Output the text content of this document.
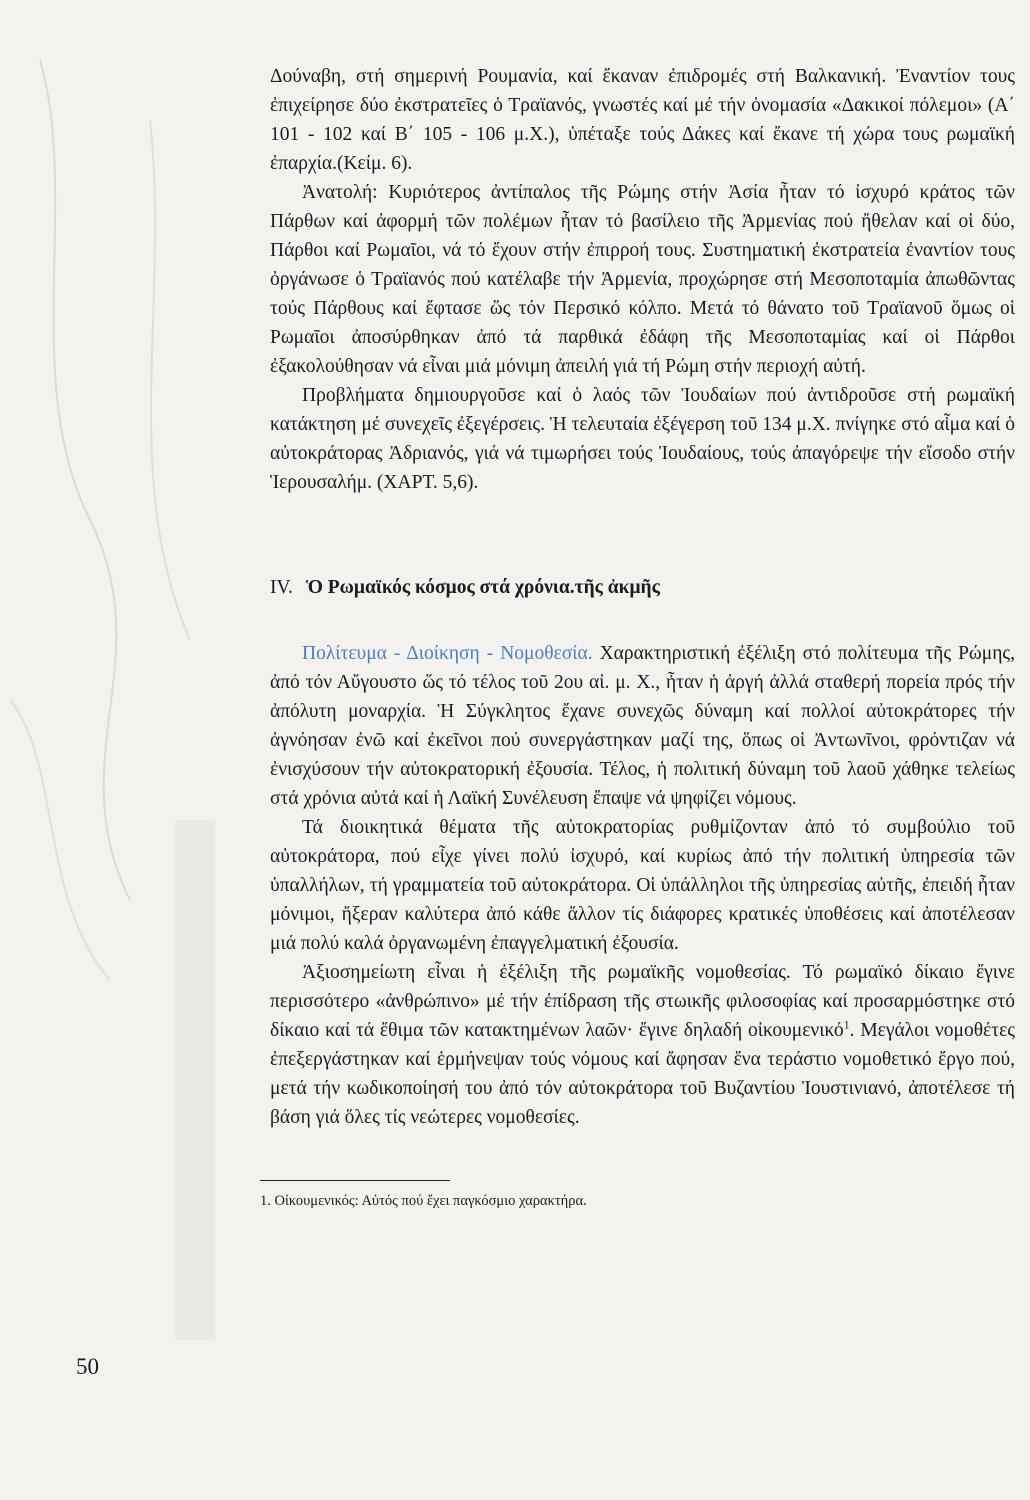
Δούναβη, στή σημερινή Ρουμανία, καί ἔκαναν ἐπιδρομές στή Βαλκανική. Ἐναντίον τους ἐπιχείρησε δύο ἐκστρατεῖες ὁ Τραϊανός, γνωστές καί μέ τήν ὀνομασία «Δακικοί πόλεμοι» (Α΄ 101 - 102 καί Β΄ 105 - 106 μ.Χ.), ὑπέταξε τούς Δάκες καί ἔκανε τή χώρα τους ρωμαϊκή ἐπαρχία.(Κείμ. 6).

Ἀνατολή: Κυριότερος ἀντίπαλος τῆς Ρώμης στήν Ἀσία ἦταν τό ἰσχυρό κράτος τῶν Πάρθων καί ἀφορμή τῶν πολέμων ἦταν τό βασίλειο τῆς Ἀρμενίας πού ἤθελαν καί οἱ δύο, Πάρθοι καί Ρωμαῖοι, νά τό ἔχουν στήν ἐπιρροή τους. Συστηματική ἐκστρατεία ἐναντίον τους ὀργάνωσε ὁ Τραϊανός πού κατέλαβε τήν Ἀρμενία, προχώρησε στή Μεσοποταμία ἀπωθῶντας τούς Πάρθους καί ἔφτασε ὥς τόν Περσικό κόλπο. Μετά τό θάνατο τοῦ Τραϊανοῦ ὅμως οἱ Ρωμαῖοι ἀποσύρθηκαν ἀπό τά παρθικά ἐδάφη τῆς Μεσοποταμίας καί οἱ Πάρθοι ἐξακολούθησαν νά εἶναι μιά μόνιμη ἀπειλή γιά τή Ρώμη στήν περιοχή αὐτή.

Προβλήματα δημιουργοῦσε καί ὁ λαός τῶν Ἰουδαίων πού ἀντιδροῦσε στή ρωμαϊκή κατάκτηση μέ συνεχεῖς ἐξεγέρσεις. Ἡ τελευταία ἐξέγερση τοῦ 134 μ.Χ. πνίγηκε στό αἷμα καί ὁ αὐτοκράτορας Ἀδριανός, γιά νά τιμωρήσει τούς Ἰουδαίους, τούς ἀπαγόρεψε τήν εἴσοδο στήν Ἱερουσαλήμ. (ΧΑΡΤ. 5,6).

IV. Ὁ Ρωμαϊκός κόσμος στά χρόνια.τῆς ἀκμῆς

Πολίτευμα - Διοίκηση - Νομοθεσία. Χαρακτηριστική ἐξέλιξη στό πολίτευμα τῆς Ρώμης, ἀπό τόν Αὔγουστο ὥς τό τέλος τοῦ 2ου αἰ. μ. Χ., ἦταν ἡ ἀργή ἀλλά σταθερή πορεία πρός τήν ἀπόλυτη μοναρχία. Ἡ Σύγκλητος ἔχανε συνεχῶς δύναμη καί πολλοί αὐτοκράτορες τήν ἀγνόησαν ἐνῶ καί ἐκεῖνοι πού συνεργάστηκαν μαζί της, ὅπως οἱ Ἀντωνῖνοι, φρόντιζαν νά ἐνισχύσουν τήν αὐτοκρατορική ἐξουσία. Τέλος, ἡ πολιτική δύναμη τοῦ λαοῦ χάθηκε τελείως στά χρόνια αὐτά καί ἡ Λαϊκή Συνέλευση ἔπαψε νά ψηφίζει νόμους.

Τά διοικητικά θέματα τῆς αὐτοκρατορίας ρυθμίζονταν ἀπό τό συμβούλιο τοῦ αὐτοκράτορα, πού εἶχε γίνει πολύ ἰσχυρό, καί κυρίως ἀπό τήν πολιτική ὑπηρεσία τῶν ὑπαλλήλων, τή γραμματεία τοῦ αὐτοκράτορα. Οἱ ὑπάλληλοι τῆς ὑπηρεσίας αὐτῆς, ἐπειδή ἦταν μόνιμοι, ἤξεραν καλύτερα ἀπό κάθε ἄλλον τίς διάφορες κρατικές ὑποθέσεις καί ἀποτέλεσαν μιά πολύ καλά ὀργανωμένη ἐπαγγελματική ἐξουσία.

Ἀξιοσημείωτη εἶναι ἡ ἐξέλιξη τῆς ρωμαϊκῆς νομοθεσίας. Τό ρωμαϊκό δίκαιο ἔγινε περισσότερο «ἀνθρώπινο» μέ τήν ἐπίδραση τῆς στωικῆς φιλοσοφίας καί προσαρμόστηκε στό δίκαιο καί τά ἔθιμα τῶν κατακτημένων λαῶν· ἔγινε δηλαδή οἰκουμενικό$^1$. Μεγάλοι νομοθέτες ἐπεξεργάστηκαν καί ἑρμήνεψαν τούς νόμους καί ἄφησαν ἕνα τεράστιο νομοθετικό ἔργο πού, μετά τήν κωδικοποίησή του ἀπό τόν αὐτοκράτορα τοῦ Βυζαντίου Ἰουστινιανό, ἀποτέλεσε τή βάση γιά ὅλες τίς νεώτερες νομοθεσίες.

1. Οἰκουμενικός: Αὐτός πού ἔχει παγκόσμιο χαρακτήρα.
50
